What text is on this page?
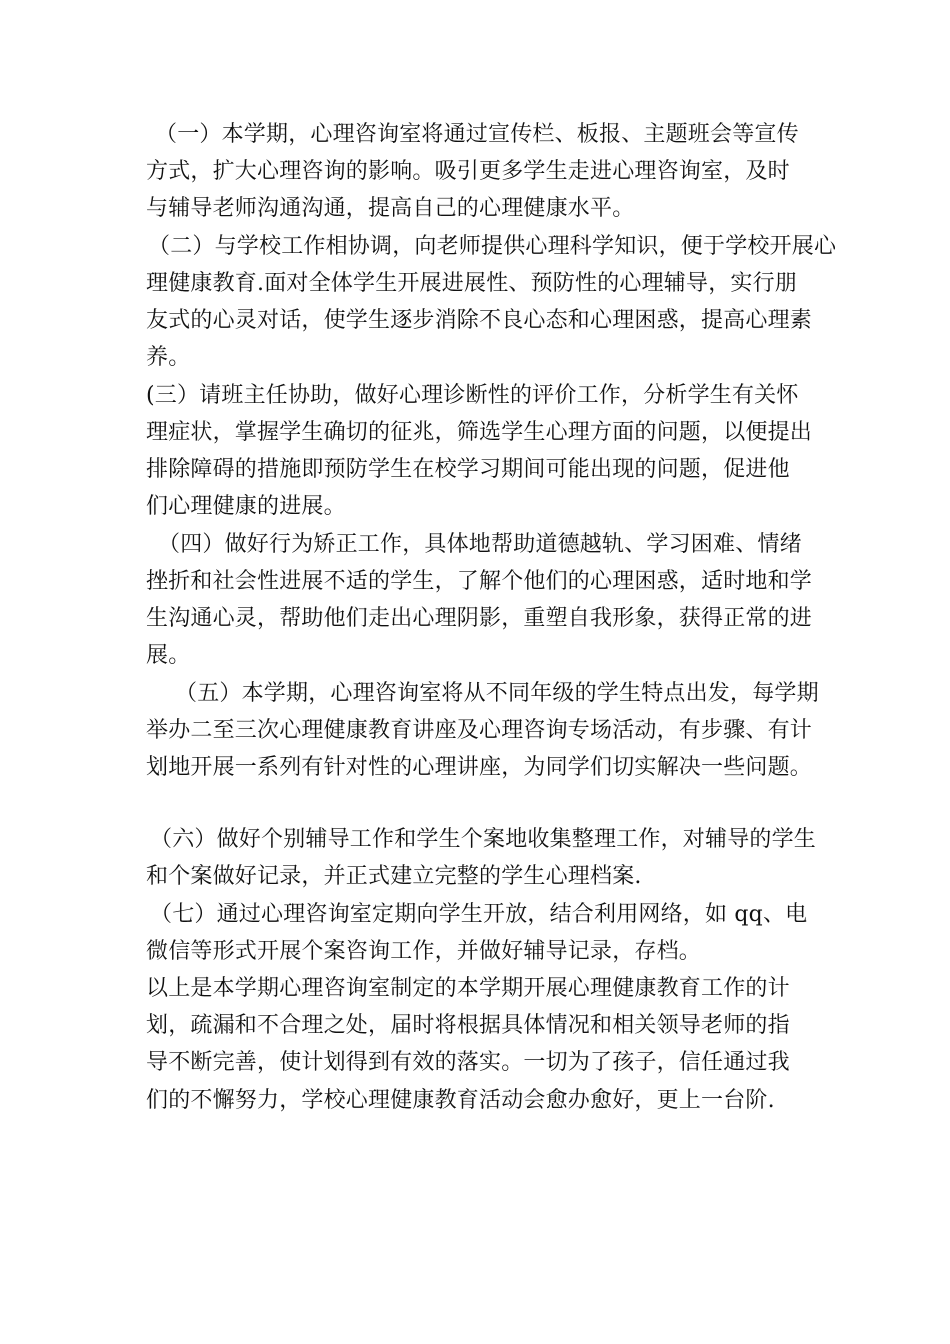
（一）本学期，心理咨询室将通过宣传栏、板报、主题班会等宣传
方式，扩大心理咨询的影响。吸引更多学生走进心理咨询室，及时
与辅导老师沟通沟通，提高自己的心理健康水平。
（二）与学校工作相协调，向老师提供心理科学知识，便于学校开展心
理健康教育.面对全体学生开展进展性、预防性的心理辅导，实行朋
友式的心灵对话，使学生逐步消除不良心态和心理困惑，提高心理素
养。
(三）请班主任协助，做好心理诊断性的评价工作，分析学生有关怀
理症状，掌握学生确切的征兆，筛选学生心理方面的问题，以便提出
排除障碍的措施即预防学生在校学习期间可能出现的问题，促进他
们心理健康的进展。
（四）做好行为矫正工作，具体地帮助道德越轨、学习困难、情绪
挫折和社会性进展不适的学生，了解个他们的心理困惑，适时地和学
生沟通心灵，帮助他们走出心理阴影，重塑自我形象，获得正常的进
展。
（五）本学期，心理咨询室将从不同年级的学生特点出发，每学期
举办二至三次心理健康教育讲座及心理咨询专场活动，有步骤、有计
划地开展一系列有针对性的心理讲座，为同学们切实解决一些问题。
（六）做好个别辅导工作和学生个案地收集整理工作，对辅导的学生
和个案做好记录，并正式建立完整的学生心理档案.
（七）通过心理咨询室定期向学生开放，结合利用网络，如 qq、电
微信等形式开展个案咨询工作，并做好辅导记录，存档。
以上是本学期心理咨询室制定的本学期开展心理健康教育工作的计
划，疏漏和不合理之处，届时将根据具体情况和相关领导老师的指
导不断完善，使计划得到有效的落实。一切为了孩子，信任通过我
们的不懈努力，学校心理健康教育活动会愈办愈好，更上一台阶.
